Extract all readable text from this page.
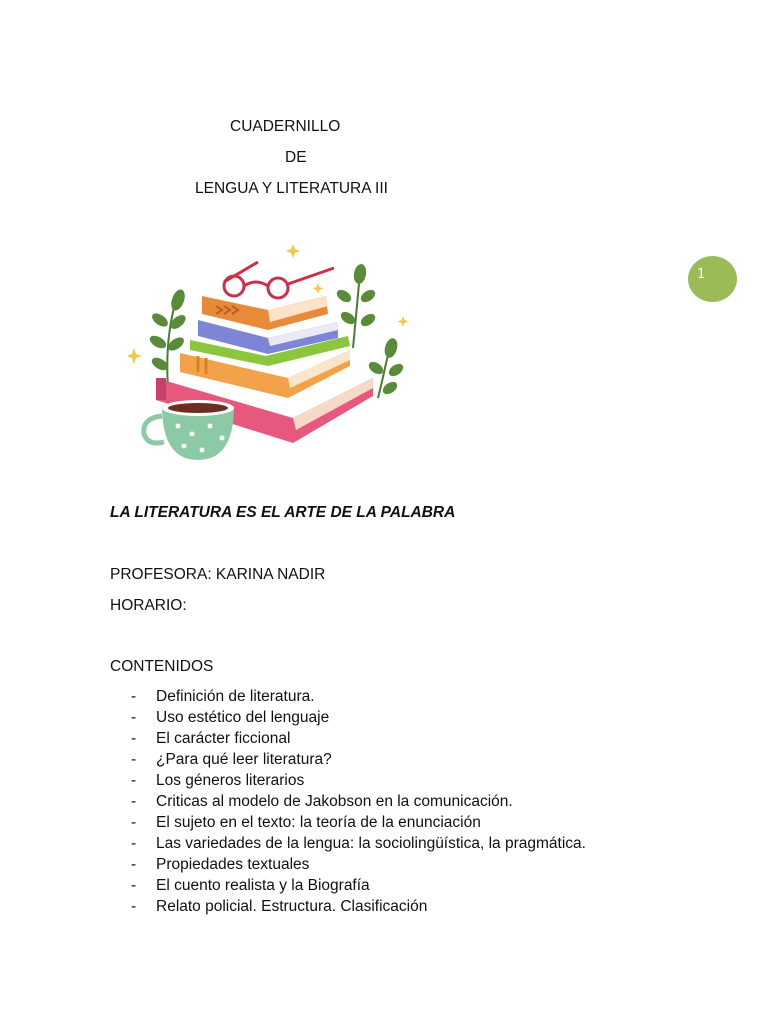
CUADERNILLO
DE
LENGUA Y LITERATURA III
1
LA LITERATURA ES EL ARTE DE LA PALABRA
PROFESORA: KARINA NADIR
HORARIO:
CONTENIDOS
- Definición de literatura.
- Uso estético del lenguaje
- El carácter ficcional
- ¿Para qué leer literatura?
- Los géneros literarios
- Criticas al modelo de Jakobson en la comunicación.
- El sujeto en el texto: la teoría de la enunciación
- Las variedades de la lengua: la sociolingüística, la pragmática.
- Propiedades textuales
- El cuento realista y la Biografía
- Relato policial. Estructura. Clasificación
